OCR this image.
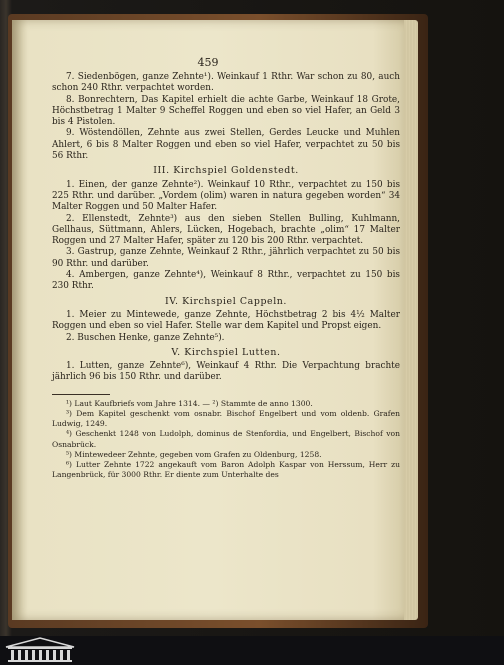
459

7. Siedenbögen, ganze Zehnte¹). Weinkauf 1 Rthr. War schon zu 80, auch schon 240 Rthr. verpachtet worden.

8. Bonrechtern, Das Kapitel erhielt die achte Garbe, Weinkauf 18 Grote, Höchstbetrag 1 Malter 9 Scheffel Roggen und eben so viel Hafer, an Geld 3 bis 4 Pistolen.

9. Wöstendöllen, Zehnte aus zwei Stellen, Gerdes Leucke und Muhlen Ahlert, 6 bis 8 Malter Roggen und eben so viel Hafer, verpachtet zu 50 bis 56 Rthr.

III. Kirchspiel Goldenstedt.

1. Einen, der ganze Zehnte²). Weinkauf 10 Rthr., verpachtet zu 150 bis 225 Rthr. und darüber. „Vordem (olim) waren in natura gegeben worden“ 34 Malter Roggen und 50 Malter Hafer.

2. Ellenstedt, Zehnte³) aus den sieben Stellen Bulling, Kuhlmann, Gellhaus, Süttmann, Ahlers, Lücken, Hogebach, brachte „olim“ 17 Malter Roggen und 27 Malter Hafer, später zu 120 bis 200 Rthr. verpachtet.

3. Gastrup, ganze Zehnte, Weinkauf 2 Rthr., jährlich verpachtet zu 50 bis 90 Rthr. und darüber.

4. Ambergen, ganze Zehnte⁴), Weinkauf 8 Rthr., verpachtet zu 150 bis 230 Rthr.

IV. Kirchspiel Cappeln.

1. Meier zu Mintewede, ganze Zehnte, Höchstbetrag 2 bis 4½ Malter Roggen und eben so viel Hafer. Stelle war dem Kapitel und Propst eigen.

2. Buschen Henke, ganze Zehnte⁵).

V. Kirchspiel Lutten.

1. Lutten, ganze Zehnte⁶), Weinkauf 4 Rthr. Die Verpachtung brachte jährlich 96 bis 150 Rthr. und darüber.

¹) Laut Kaufbriefs vom Jahre 1314. — ²) Stammte de anno 1300.

³) Dem Kapitel geschenkt vom osnabr. Bischof Engelbert und vom oldenb. Grafen Ludwig, 1249.

⁴) Geschenkt 1248 von Ludolph, dominus de Stenfordia, und Engelbert, Bischof von Osnabrück.

⁵) Mintewedeer Zehnte, gegeben vom Grafen zu Oldenburg, 1258.

⁶) Lutter Zehnte 1722 angekauft vom Baron Adolph Kaspar von Herssum, Herr zu Langenbrück, für 3000 Rthr. Er diente zum Unterhalte des
